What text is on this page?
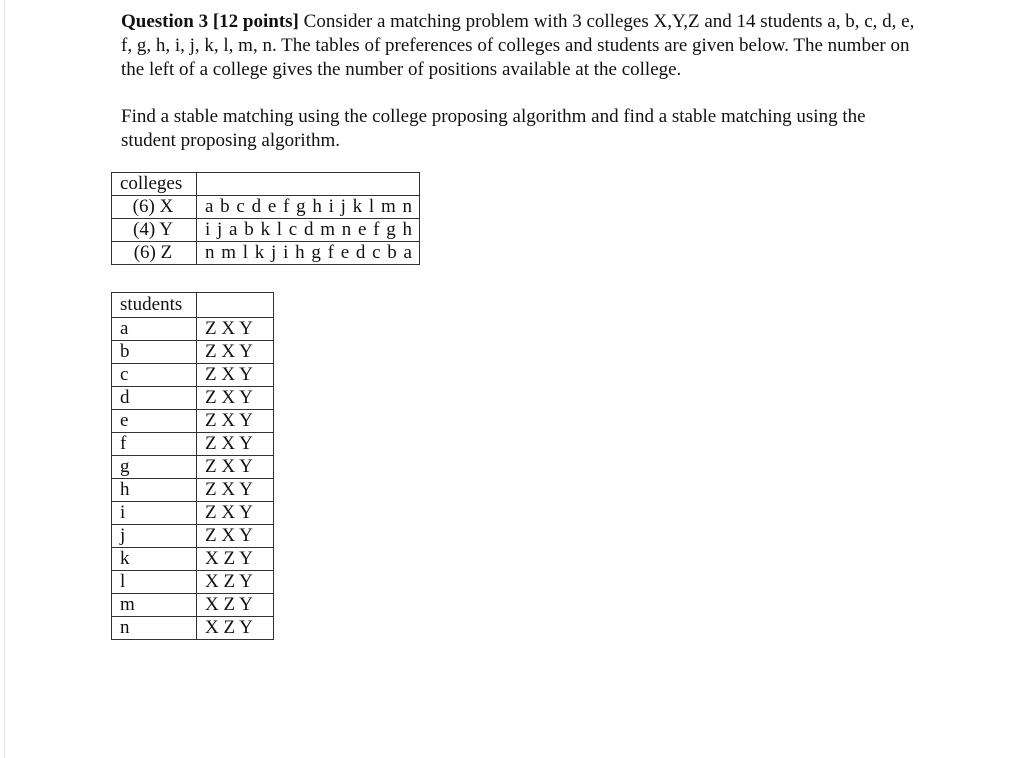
Question 3 [12 points] Consider a matching problem with 3 colleges X,Y,Z and 14 students a, b, c, d, e, f, g, h, i, j, k, l, m, n. The tables of preferences of colleges and students are given below. The number on the left of a college gives the number of positions available at the college.

Find a stable matching using the college proposing algorithm and find a stable matching using the student proposing algorithm.

colleges	
(6) X	a b c d e f g h i j k l m n
(4) Y	i j a b k l c d m n e f g h
(6) Z	n m l k j i h g f e d c b a
students	
a	Z X Y
b	Z X Y
c	Z X Y
d	Z X Y
e	Z X Y
f	Z X Y
g	Z X Y
h	Z X Y
i	Z X Y
j	Z X Y
k	X Z Y
l	X Z Y
m	X Z Y
n	X Z Y
